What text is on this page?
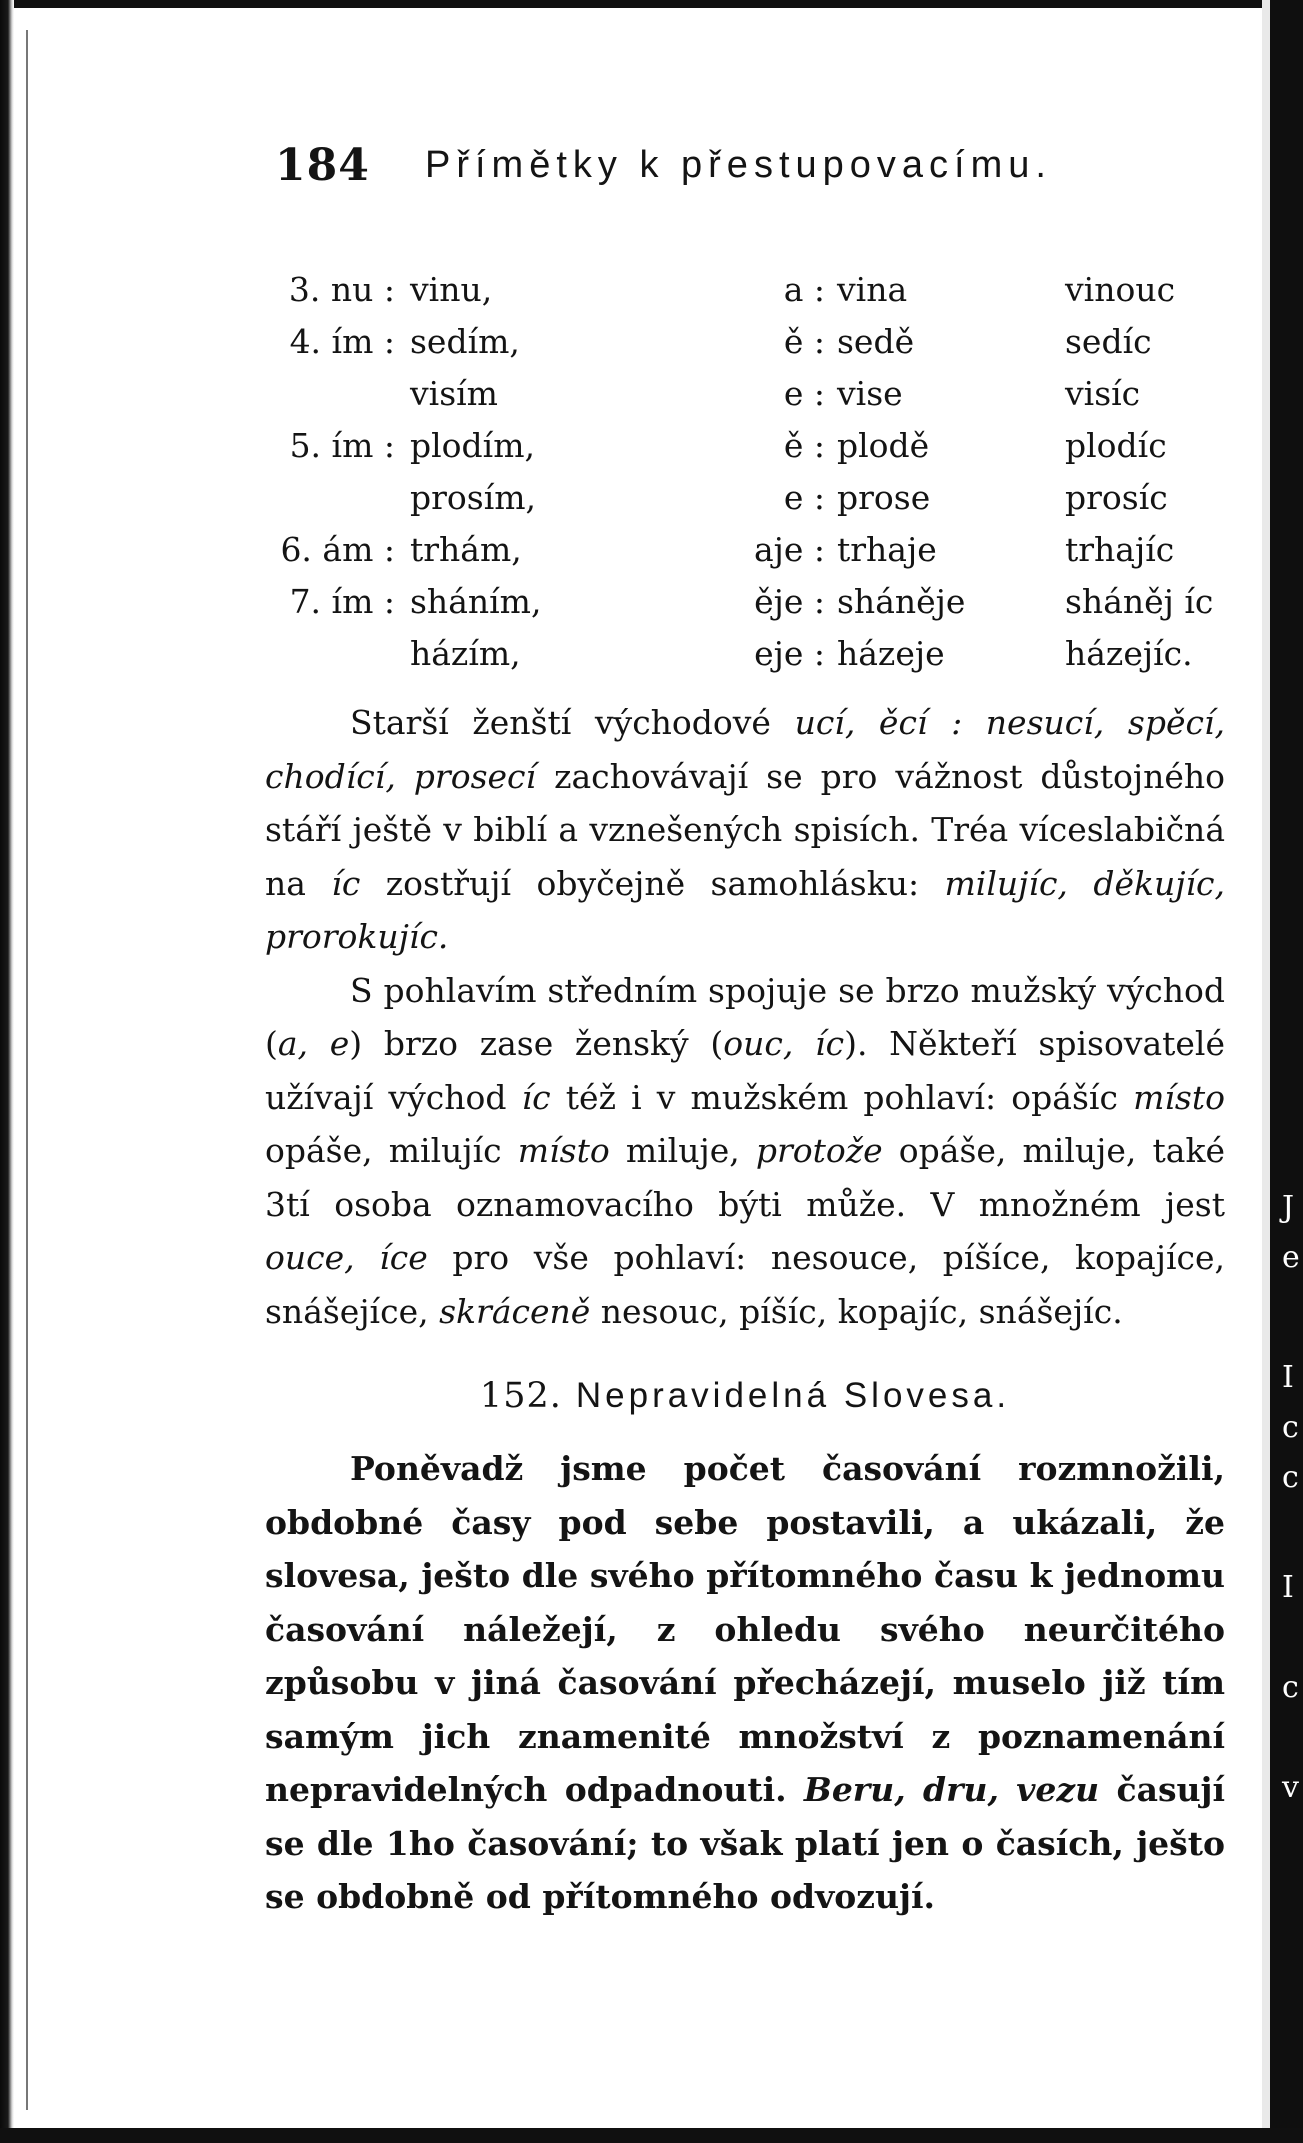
J
e
I
c
c
I
c
v
184 Přímětky k přestupovacímu.
3. nu : vinu,	a : vina	vinouc
4. ím : sedím,	ě : sedě	sedíc
visím	e : vise	visíc
5. ím : plodím,	ě : plodě	plodíc
prosím,	e : prose	prosíc
6. ám : trhám,	aje : trhaje	trhajíc
7. ím : sháním,	ěje : sháněje	sháněj íc
házím,	eje : házeje	házejíc.

Starší ženští východové ucí, ěcí : nesucí, spěcí, chodící, prosecí zachovávají se pro vážnost důstojného stáří ještě v biblí a vznešených spisích. Tréa víceslabičná na íc zostřují obyčejně samohlásku: milujíc, děkujíc, prorokujíc.

S pohlavím středním spojuje se brzo mužský východ (a, e) brzo zase ženský (ouc, íc). Někteří spisovatelé užívají východ íc též i v mužském pohlaví: opášíc místo opáše, milujíc místo miluje, protože opáše, miluje, také 3tí osoba oznamovacího býti může. V množném jest ouce, íce pro vše pohlaví: nesouce, píšíce, kopajíce, snášejíce, skráceně nesouc, píšíc, kopajíc, snášejíc.

152. Nepravidelná Slovesa.

Poněvadž jsme počet časování rozmnožili, obdobné časy pod sebe postavili, a ukázali, že slovesa, ješto dle svého přítomného času k jednomu časování náležejí, z ohledu svého neurčitého způsobu v jiná časování přecházejí, muselo již tím samým jich znamenité množství z poznamenání nepravidelných odpadnouti. Beru, dru, vezu časují se dle 1ho časování; to však platí jen o časích, ješto se obdobně od přítomného odvozují.
